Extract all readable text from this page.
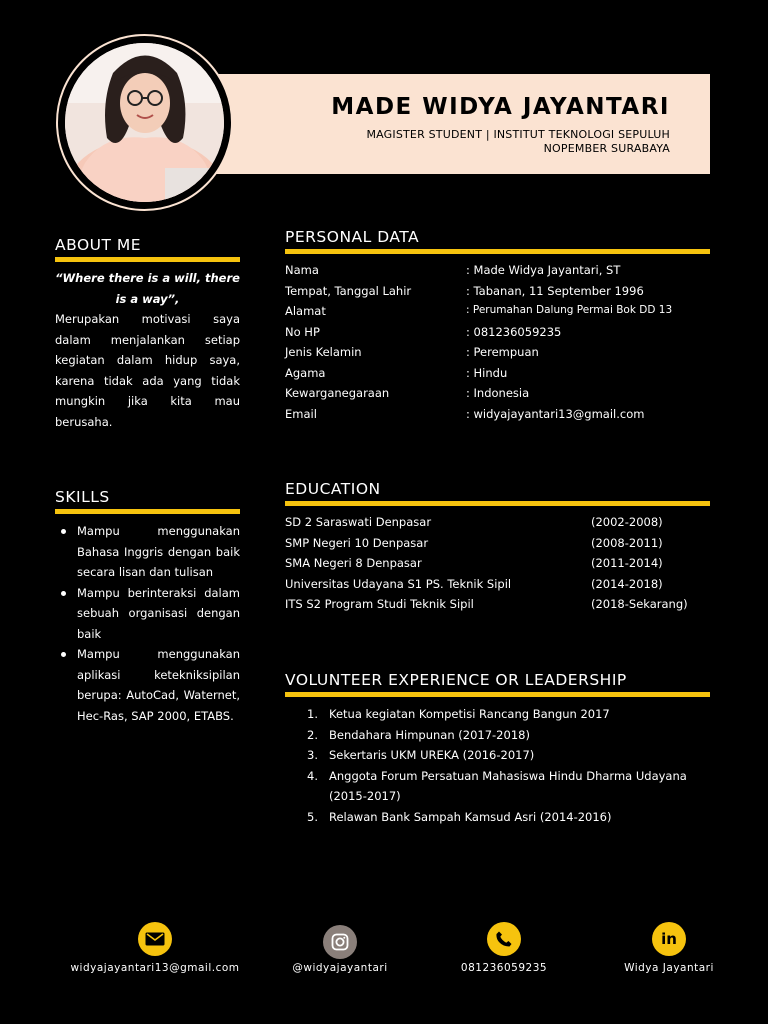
MADE WIDYA JAYANTARI
MAGISTER STUDENT | INSTITUT TEKNOLOGI SEPULUH
NOPEMBER SURABAYA
ABOUT ME
“Where there is a will, there
is a way”,
Merupakan motivasi saya dalam menjalankan setiap kegiatan dalam hidup saya, karena tidak ada yang tidak mungkin jika kita mau berusaha.
SKILLS
Mampu menggunakan Bahasa Inggris dengan baik secara lisan dan tulisan
Mampu berinteraksi dalam sebuah organisasi dengan baik
Mampu menggunakan aplikasi ketekniksipilan berupa: AutoCad, Waternet, Hec-Ras, SAP 2000, ETABS.
PERSONAL DATA
Nama	: Made Widya Jayantari, ST
Tempat, Tanggal Lahir	: Tabanan, 11 September 1996
Alamat	: Perumahan Dalung Permai Bok DD 13
No HP	: 081236059235
Jenis Kelamin	: Perempuan
Agama	: Hindu
Kewarganegaraan	: Indonesia
Email	: widyajayantari13@gmail.com
EDUCATION
SD 2 Saraswati Denpasar	(2002-2008)
SMP Negeri 10 Denpasar	(2008-2011)
SMA Negeri 8 Denpasar	(2011-2014)
Universitas Udayana S1 PS. Teknik Sipil	(2014-2018)
ITS S2 Program Studi Teknik Sipil	(2018-Sekarang)
VOLUNTEER EXPERIENCE OR LEADERSHIP
1. Ketua kegiatan Kompetisi Rancang Bangun 2017
2. Bendahara Himpunan (2017-2018)
3. Sekertaris UKM UREKA (2016-2017)
4. Anggota Forum Persatuan Mahasiswa Hindu Dharma Udayana (2015-2017)
5. Relawan Bank Sampah Kamsud Asri (2014-2016)
widyajayantari13@gmail.com	@widyajayantari	081236059235
in
Widya Jayantari
